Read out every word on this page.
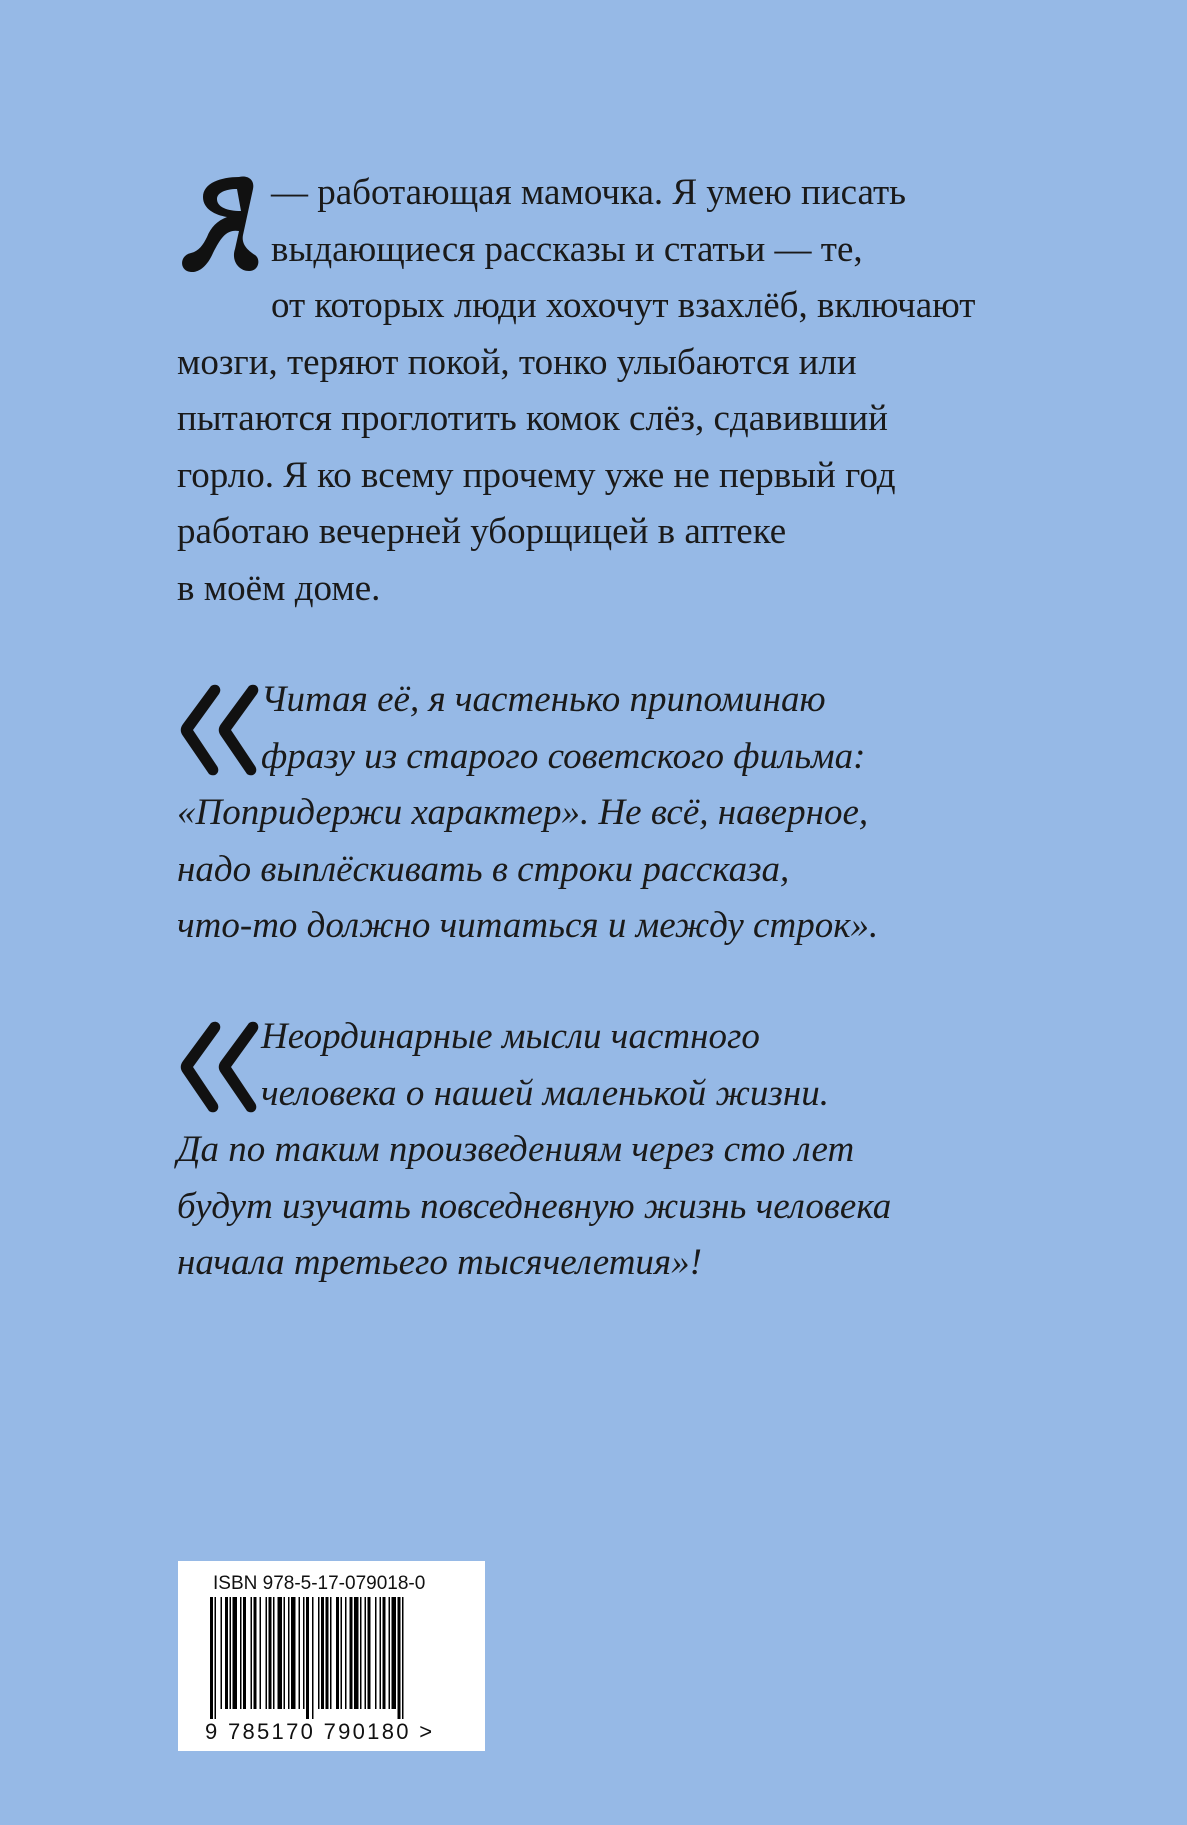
— работающая мамочка. Я умею писать
выдающиеся рассказы и статьи — те,
от которых люди хохочут взахлёб, включают
мозги, теряют покой, тонко улыбаются или
пытаются проглотить комок слёз, сдавивший
горло. Я ко всему прочему уже не первый год
работаю вечерней уборщицей в аптеке
в моём доме.
Читая её, я частенько припоминаю
фразу из старого советского фильма:
«Попридержи характер». Не всё, наверное,
надо выплёскивать в строки рассказа,
что-то должно читаться и между строк».
Неординарные мысли частного
человека о нашей маленькой жизни.
Да по таким произведениям через сто лет
будут изучать повседневную жизнь человека
начала третьего тысячелетия»!
ISBN 978-5-17-079018-0
9 785170 790180 >
